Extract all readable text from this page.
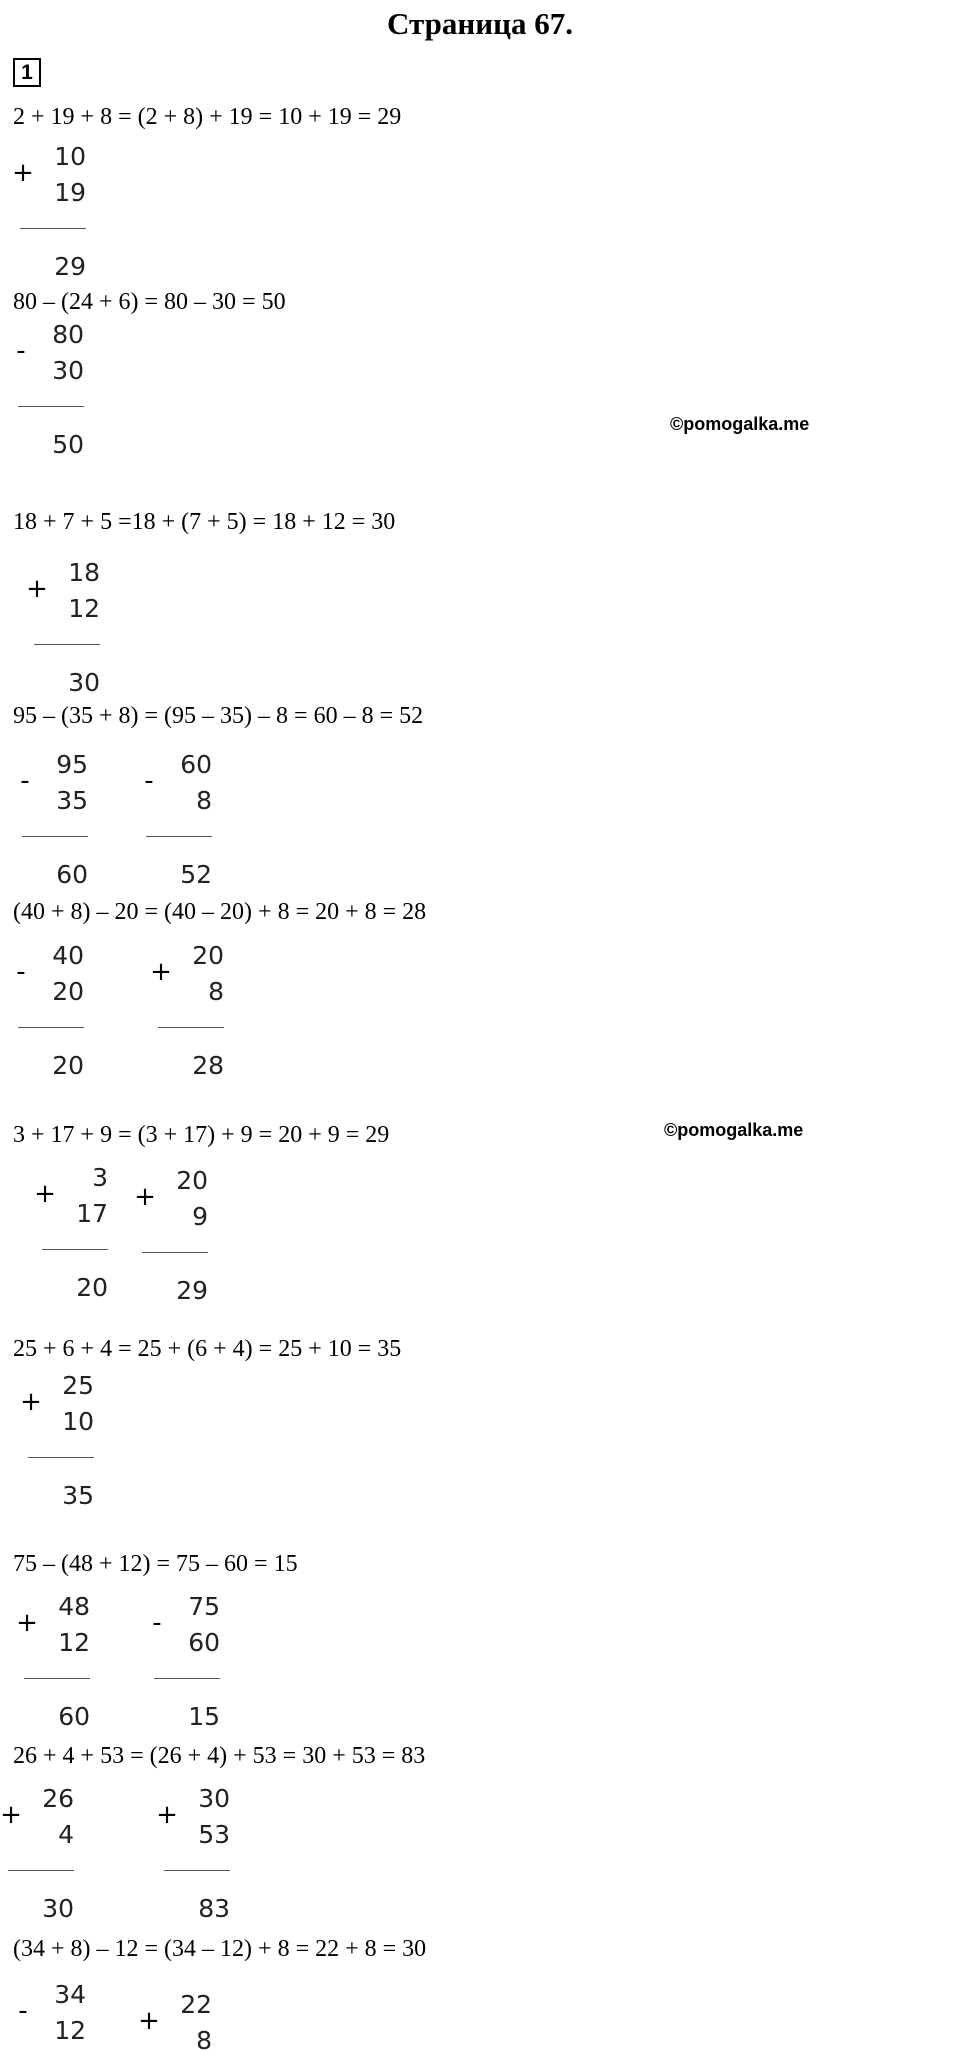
Страница 67.
1
©pomogalka.me
©pomogalka.me
2 + 19 + 8 = (2 + 8) + 19 = 10 + 19 = 29
+
10
19
29
80 – (24 + 6) = 80 – 30 = 50
-
80
30
50
18 + 7 + 5 =18 + (7 + 5) = 18 + 12 = 30
+
18
12
30
95 – (35 + 8) = (95 – 35) – 8 = 60 – 8 = 52
-
95
35
60
-
60
8
52
(40 + 8) – 20 = (40 – 20) + 8 = 20 + 8 = 28
-
40
20
20
+
20
8
28
3 + 17 + 9 = (3 + 17) + 9 = 20 + 9 = 29
+
3
17
20
+
20
9
29
25 + 6 + 4 = 25 + (6 + 4) = 25 + 10 = 35
+
25
10
35
75 – (48 + 12) = 75 – 60 = 15
+
48
12
60
-
75
60
15
26 + 4 + 53 = (26 + 4) + 53 = 30 + 53 = 83
+
26
4
30
+
30
53
83
(34 + 8) – 12 = (34 – 12) + 8 = 22 + 8 = 30
-
34
12 +
22
8
